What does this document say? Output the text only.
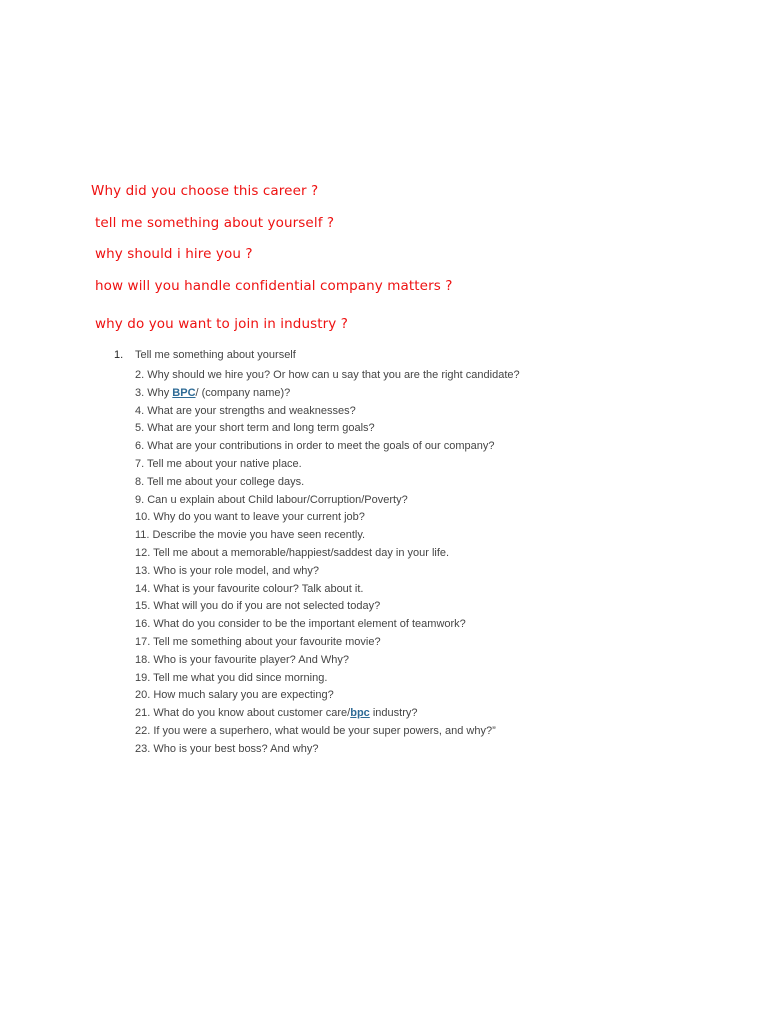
Why did you choose this career ?
tell me something about yourself ?
why should i hire you ?
how will you handle confidential company matters ?
why do you want to join in industry ?
1. Tell me something about yourself
2. Why should we hire you? Or how can u say that you are the right candidate?
3. Why BPC/ (company name)?
4. What are your strengths and weaknesses?
5. What are your short term and long term goals?
6. What are your contributions in order to meet the goals of our company?
7. Tell me about your native place.
8. Tell me about your college days.
9. Can u explain about Child labour/Corruption/Poverty?
10. Why do you want to leave your current job?
11. Describe the movie you have seen recently.
12. Tell me about a memorable/happiest/saddest day in your life.
13. Who is your role model, and why?
14. What is your favourite colour? Talk about it.
15. What will you do if you are not selected today?
16. What do you consider to be the important element of teamwork?
17. Tell me something about your favourite movie?
18. Who is your favourite player? And Why?
19. Tell me what you did since morning.
20. How much salary you are expecting?
21. What do you know about customer care/bpc industry?
22. If you were a superhero, what would be your super powers, and why?”
23. Who is your best boss? And why?
